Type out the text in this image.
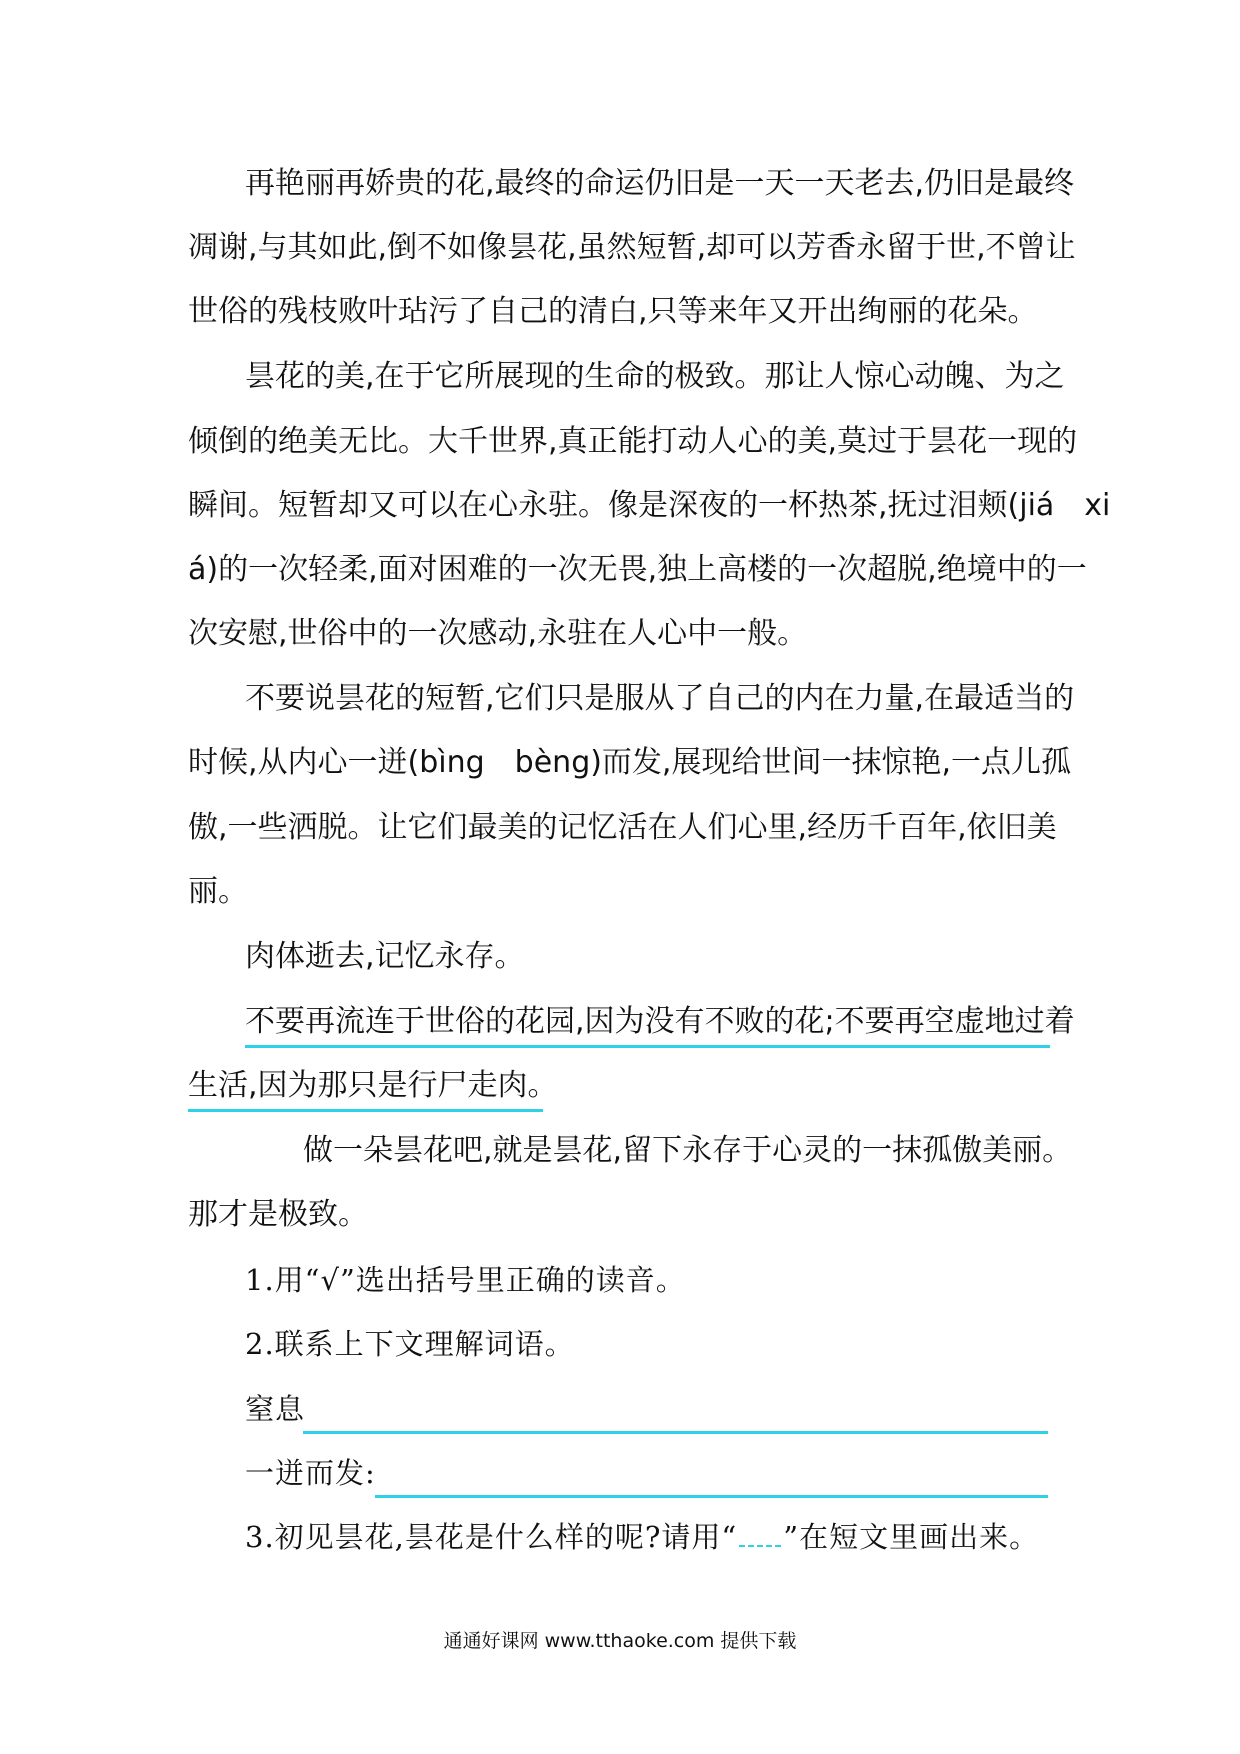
再艳丽再娇贵的花,最终的命运仍旧是一天一天老去,仍旧是最终
凋谢,与其如此,倒不如像昙花,虽然短暂,却可以芳香永留于世,不曾让
世俗的残枝败叶玷污了自己的清白,只等来年又开出绚丽的花朵。
昙花的美,在于它所展现的生命的极致。那让人惊心动魄、为之
倾倒的绝美无比。大千世界,真正能打动人心的美,莫过于昙花一现的
瞬间。短暂却又可以在心永驻。像是深夜的一杯热茶,抚过泪颊(jiá　xi
á)的一次轻柔,面对困难的一次无畏,独上高楼的一次超脱,绝境中的一
次安慰,世俗中的一次感动,永驻在人心中一般。
不要说昙花的短暂,它们只是服从了自己的内在力量,在最适当的
时候,从内心一迸(bìng　bèng)而发,展现给世间一抹惊艳,一点儿孤
傲,一些洒脱。让它们最美的记忆活在人们心里,经历千百年,依旧美
丽。
肉体逝去,记忆永存。
不要再流连于世俗的花园,因为没有不败的花;不要再空虚地过着
生活,因为那只是行尸走肉。
做一朵昙花吧,就是昙花,留下永存于心灵的一抹孤傲美丽。
那才是极致。
1.用“√”选出括号里正确的读音。
2.联系上下文理解词语。
窒息
一迸而发:
3.初见昙花,昙花是什么样的呢?请用“ ”在短文里画出来。
通通好课网 www.tthaoke.com 提供下载
